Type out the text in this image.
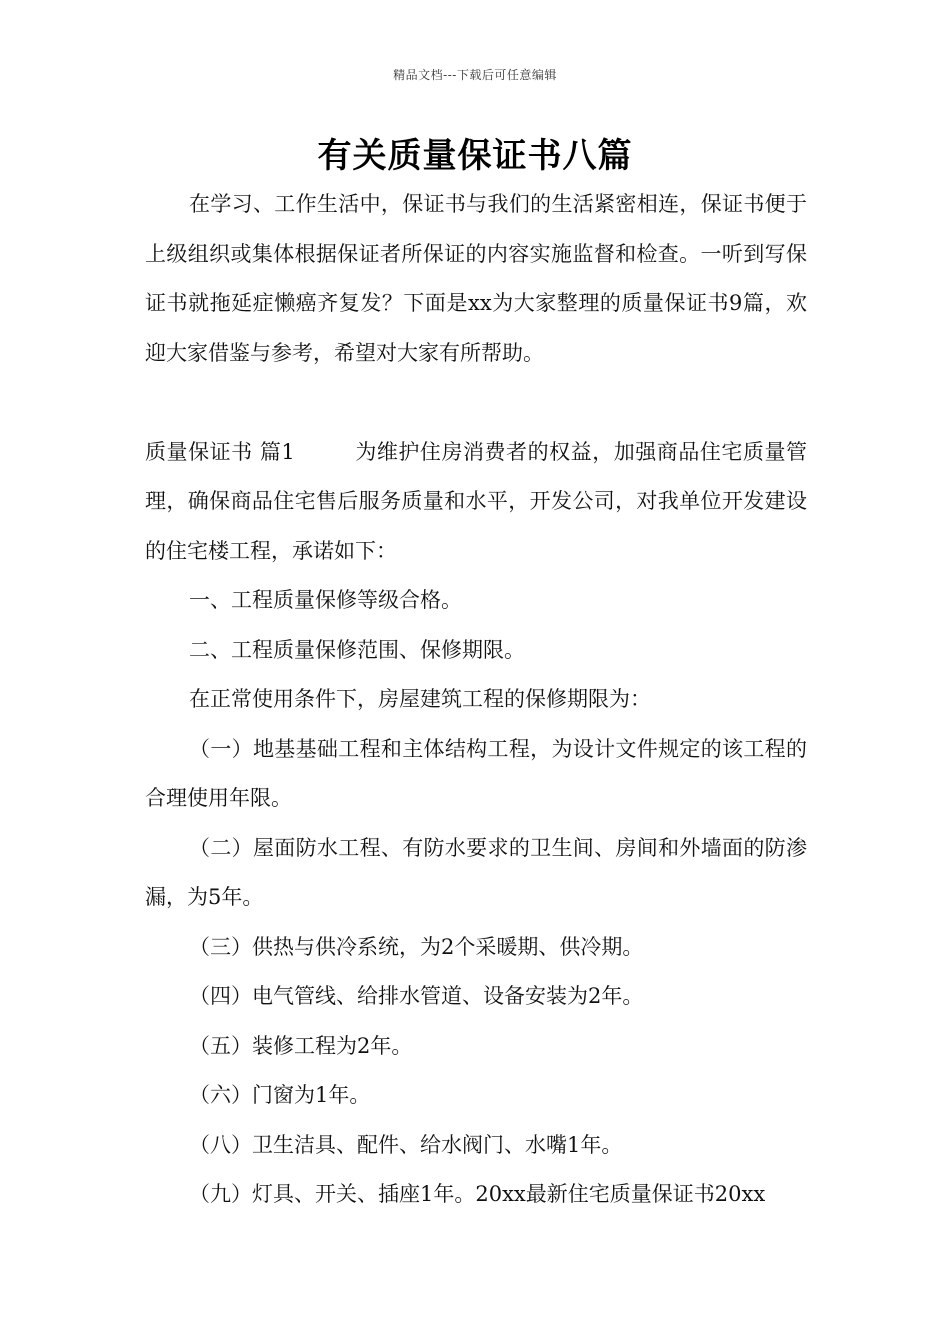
精品文档---下载后可任意编辑
有关质量保证书八篇

在学习、工作生活中，保证书与我们的生活紧密相连，保证书便于上级组织或集体根据保证者所保证的内容实施监督和检查。一听到写保证书就拖延症懒癌齐复发？下面是xx为大家整理的质量保证书9篇，欢迎大家借鉴与参考，希望对大家有所帮助。

质量保证书 篇1	为维护住房消费者的权益，加强商品住宅质量管理，确保商品住宅售后服务质量和水平，开发公司，对我单位开发建设的住宅楼工程，承诺如下：

一、工程质量保修等级合格。

二、工程质量保修范围、保修期限。

在正常使用条件下，房屋建筑工程的保修期限为：

（一）地基基础工程和主体结构工程，为设计文件规定的该工程的合理使用年限。

（二）屋面防水工程、有防水要求的卫生间、房间和外墙面的防渗漏，为5年。

（三）供热与供冷系统，为2个采暖期、供冷期。

（四）电气管线、给排水管道、设备安装为2年。

（五）装修工程为2年。

（六）门窗为1年。

（八）卫生洁具、配件、给水阀门、水嘴1年。

（九）灯具、开关、插座1年。20xx最新住宅质量保证书20xx
